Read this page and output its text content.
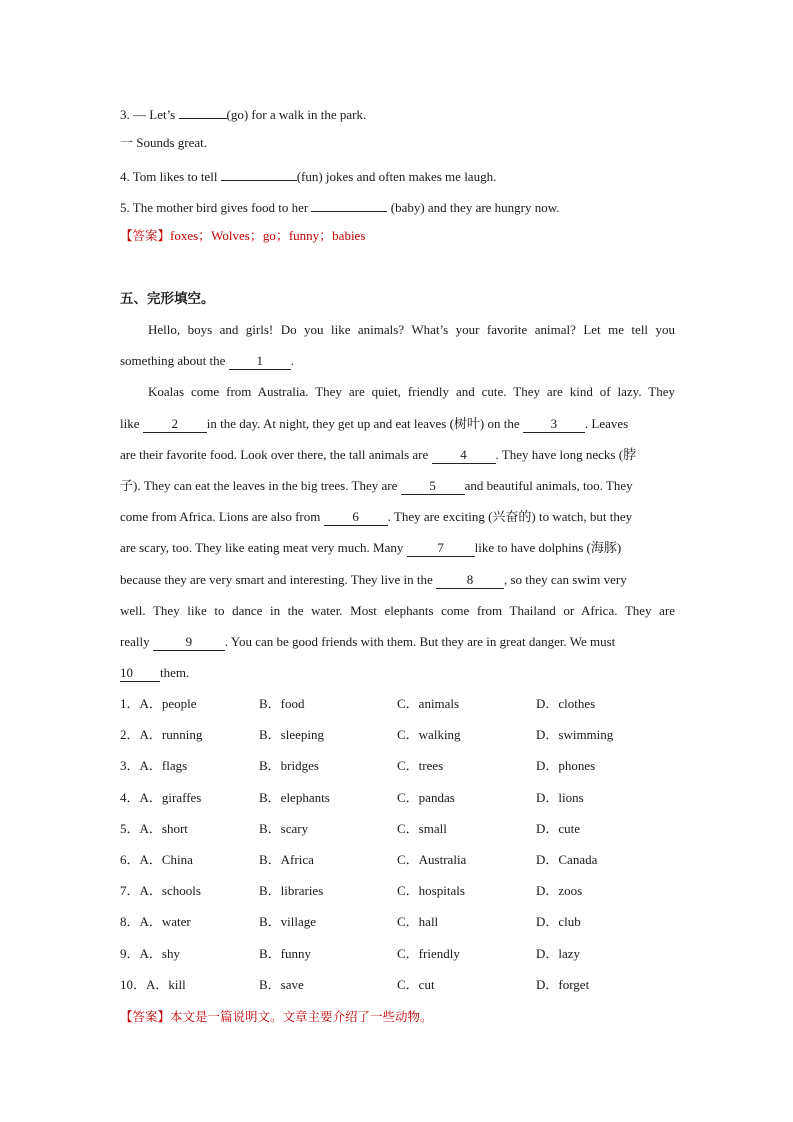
3. — Let’s	(go) for a walk in the park.
一 Sounds great.
4. Tom likes to tell	(fun) jokes and often makes me laugh.
5. The mother bird gives food to her	(baby) and they are hungry now.
【答案】foxes；Wolves；go；funny；babies
五、完形填空。
Hello, boys and girls! Do you like animals? What’s your favorite animal? Let me tell you
something about the 1 .
Koalas come from Australia. They are quiet, friendly and cute. They are kind of lazy. They
like 2 in the day. At night, they get up and eat leaves (树叶) on the 3 . Leaves
are their favorite food. Look over there, the tall animals are 4 . They have long necks (脖
子). They can eat the leaves in the big trees. They are 5 and beautiful animals, too. They
come from Africa. Lions are also from 6 . They are exciting (兴奋的) to watch, but they
are scary, too. They like eating meat very much. Many	7 like to have dolphins (海豚)
because they are very smart and interesting. They live in the	8 , so they can swim very
well. They like to dance in the water. Most elephants come from Thailand or Africa. They are
really	9	. You can be good friends with them. But they are in great danger. We must
10 them.
1．A．people	B．food	C．animals	D．clothes
2．A．running	B．sleeping	C．walking	D．swimming
3．A．flags	B．bridges	C．trees	D．phones
4．A．giraffes	B．elephants	C．pandas	D．lions
5．A．short	B．scary	C．small	D．cute
6．A．China	B．Africa	C．Australia	D．Canada
7．A．schools	B．libraries	C．hospitals	D．zoos
8．A．water	B．village	C．hall	D．club
9．A．shy	B．funny	C．friendly	D．lazy
10．A．kill	B．save	C．cut	D．forget
【答案】本文是一篇说明文。文章主要介绍了一些动物。
